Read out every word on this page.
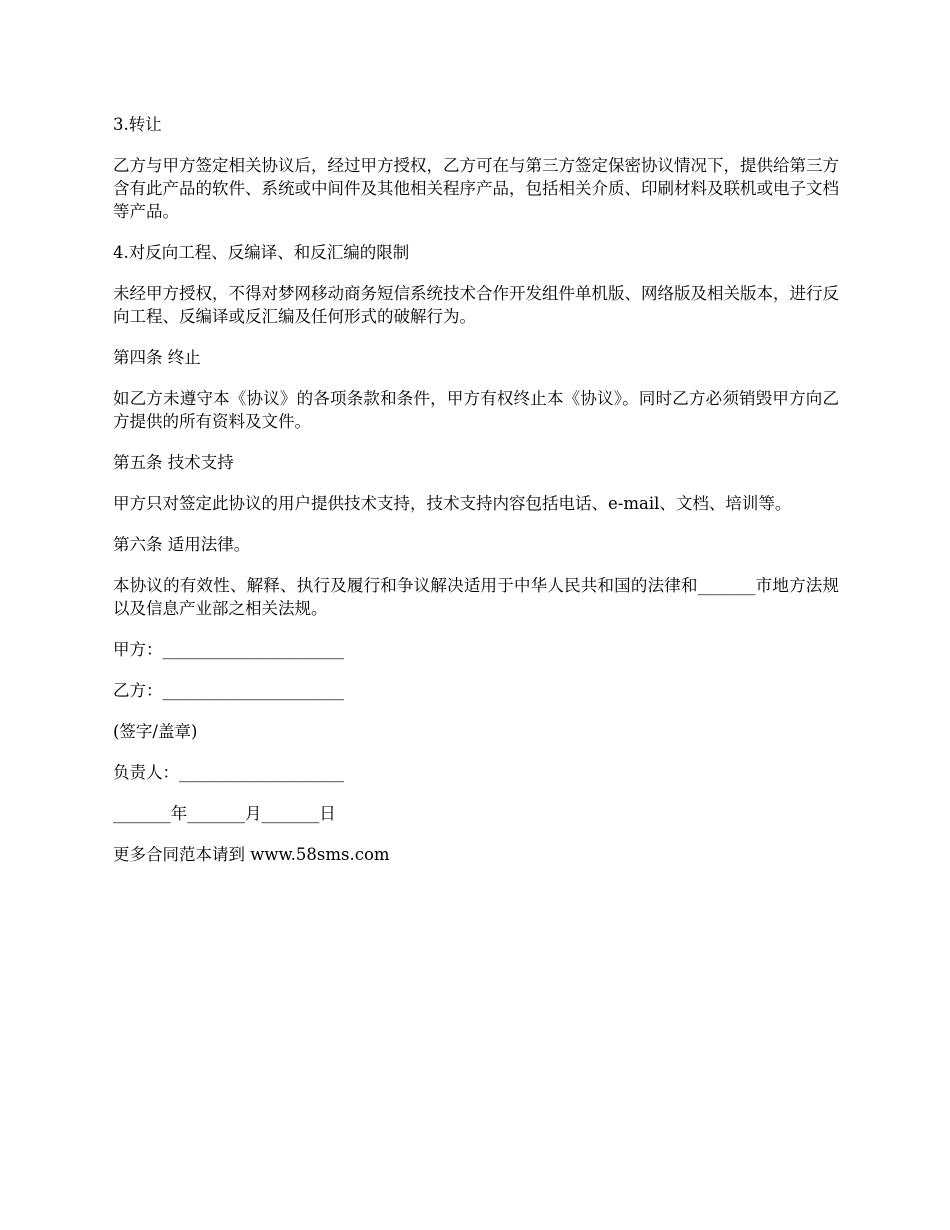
3.转让

乙方与甲方签定相关协议后，经过甲方授权，乙方可在与第三方签定保密协议情况下，提供给第三方含有此产品的软件、系统或中间件及其他相关程序产品，包括相关介质、印刷材料及联机或电子文档等产品。

4.对反向工程、反编译、和反汇编的限制

未经甲方授权，不得对梦网移动商务短信系统技术合作开发组件单机版、网络版及相关版本，进行反向工程、反编译或反汇编及任何形式的破解行为。

第四条 终止

如乙方未遵守本《协议》的各项条款和条件，甲方有权终止本《协议》。同时乙方必须销毁甲方向乙方提供的所有资料及文件。

第五条 技术支持

甲方只对签定此协议的用户提供技术支持，技术支持内容包括电话、e-mail、文档、培训等。

第六条 适用法律。

本协议的有效性、解释、执行及履行和争议解决适用于中华人民共和国的法律和_______市地方法规以及信息产业部之相关法规。

甲方：______________________

乙方：______________________

(签字/盖章)

负责人：____________________

_______年_______月_______日

更多合同范本请到 www.58sms.com
